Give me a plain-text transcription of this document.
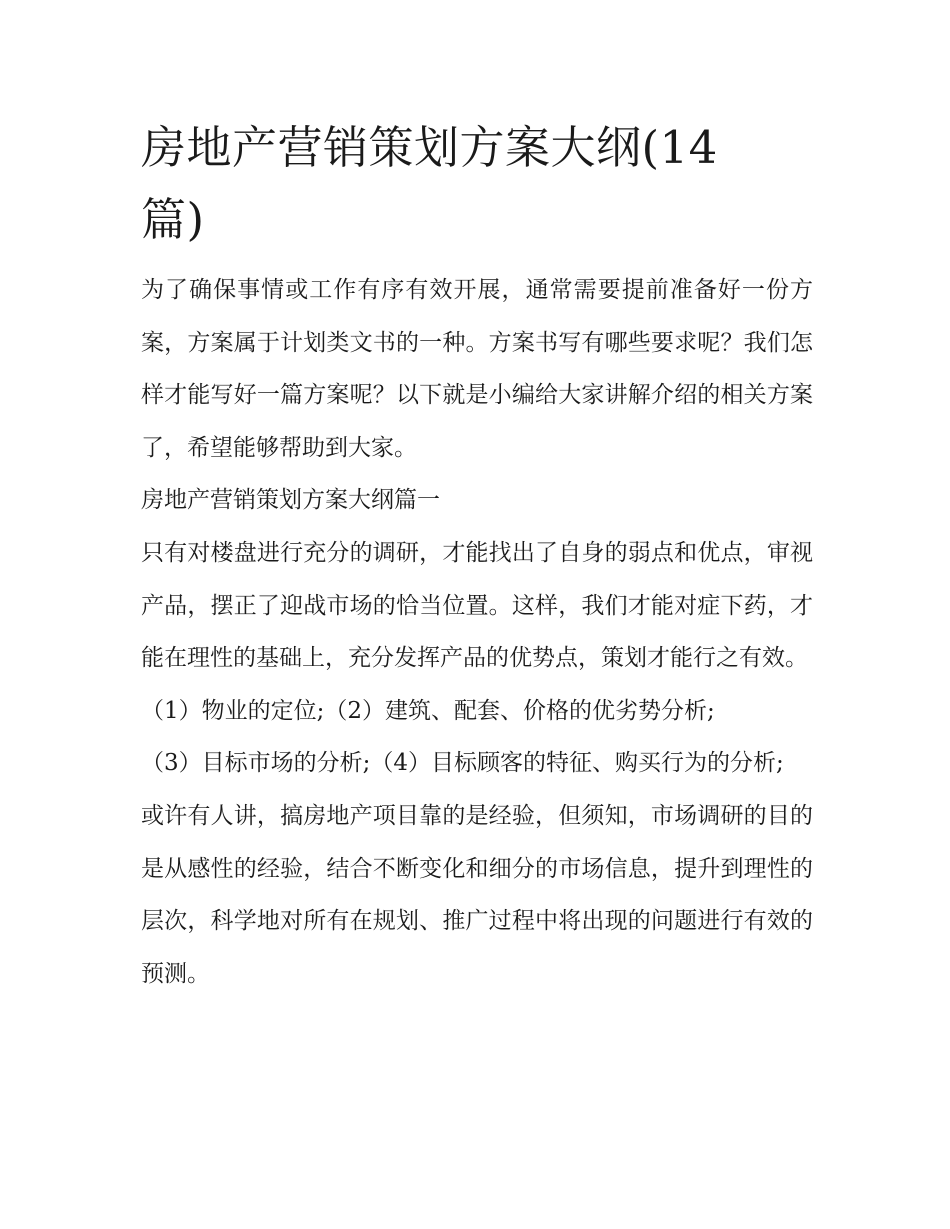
房地产营销策划方案大纲(14篇)

为了确保事情或工作有序有效开展，通常需要提前准备好一份方案，方案属于计划类文书的一种。方案书写有哪些要求呢？我们怎样才能写好一篇方案呢？以下就是小编给大家讲解介绍的相关方案了，希望能够帮助到大家。

房地产营销策划方案大纲篇一

只有对楼盘进行充分的调研，才能找出了自身的弱点和优点，审视产品，摆正了迎战市场的恰当位置。这样，我们才能对症下药，才能在理性的基础上，充分发挥产品的优势点，策划才能行之有效。

（1）物业的定位;（2）建筑、配套、价格的优劣势分析;

（3）目标市场的分析;（4）目标顾客的特征、购买行为的分析;

或许有人讲，搞房地产项目靠的是经验，但须知，市场调研的目的是从感性的经验，结合不断变化和细分的市场信息，提升到理性的层次，科学地对所有在规划、推广过程中将出现的问题进行有效的预测。
